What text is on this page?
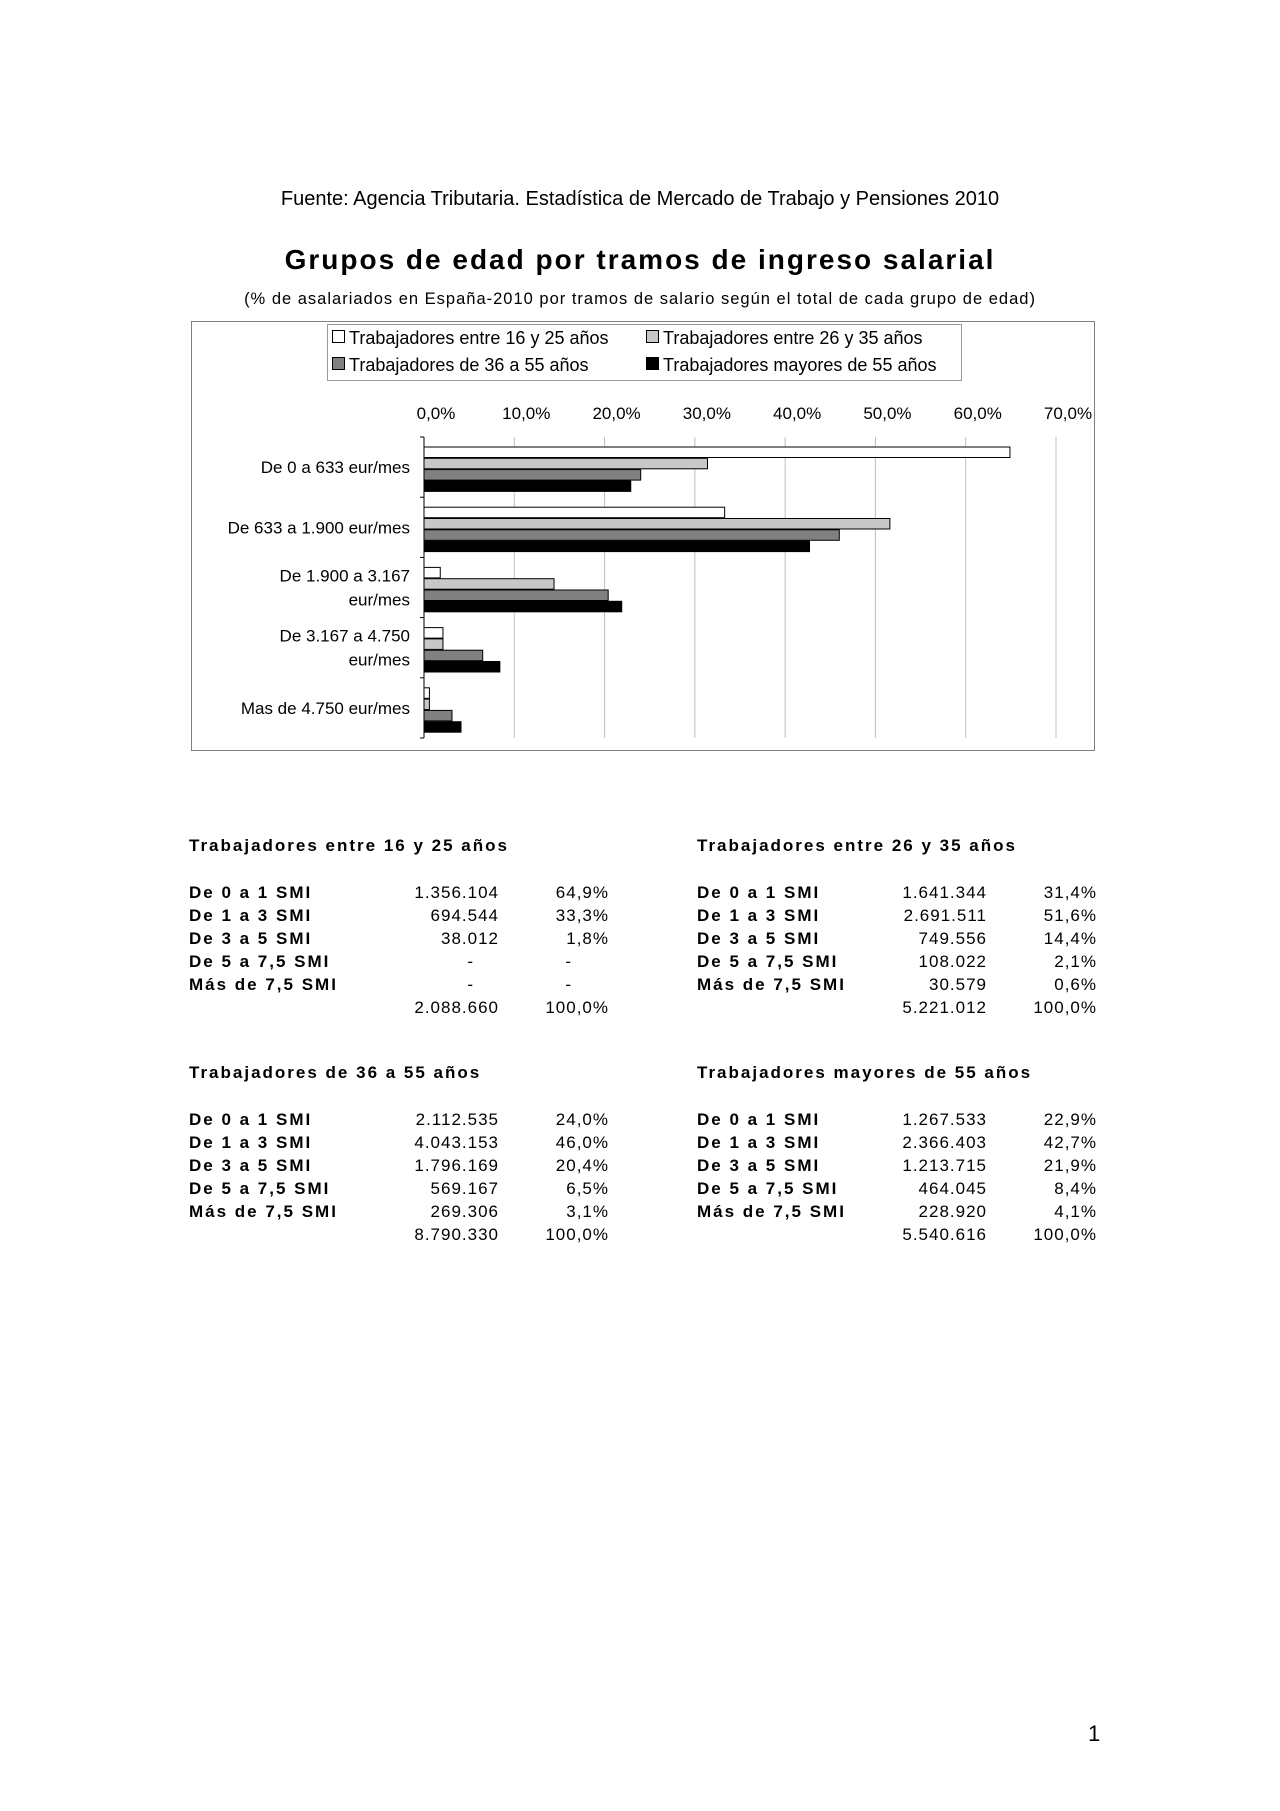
Fuente: Agencia Tributaria. Estadística de Mercado de Trabajo y Pensiones 2010
Grupos de edad por tramos de ingreso salarial
(% de asalariados en España-2010 por tramos de salario según el total de cada grupo de edad)
Trabajadores entre 16 y 25 años	Trabajadores entre 26 y 35 años
Trabajadores de 36 a 55 años	Trabajadores mayores de 55 años
0,0%	10,0% 20,0% 30,0% 40,0% 50,0% 60,0% 70,0%
De 0 a 633 eur/mes
De 633 a 1.900 eur/mes
De 1.900 a 3.167
eur/mes
De 3.167 a 4.750
eur/mes
Mas de 4.750 eur/mes
Trabajadores entre 16 y 25 años
De 0 a 1 SMI	1.356.104	64,9%
De 1 a 3 SMI	694.544	33,3%
De 3 a 5 SMI	38.012	1,8%
De 5 a 7,5 SMI	-	-
Más de 7,5 SMI	-	-
2.088.660	100,0%
Trabajadores entre 26 y 35 años
De 0 a 1 SMI	1.641.344	31,4%
De 1 a 3 SMI	2.691.511	51,6%
De 3 a 5 SMI	749.556	14,4%
De 5 a 7,5 SMI	108.022	2,1%
Más de 7,5 SMI	30.579	0,6%
5.221.012	100,0%
Trabajadores de 36 a 55 años
De 0 a 1 SMI	2.112.535	24,0%
De 1 a 3 SMI	4.043.153	46,0%
De 3 a 5 SMI	1.796.169	20,4%
De 5 a 7,5 SMI	569.167	6,5%
Más de 7,5 SMI	269.306	3,1%
8.790.330	100,0%
Trabajadores mayores de 55 años
De 0 a 1 SMI	1.267.533	22,9%
De 1 a 3 SMI	2.366.403	42,7%
De 3 a 5 SMI	1.213.715	21,9%
De 5 a 7,5 SMI	464.045	8,4%
Más de 7,5 SMI	228.920	4,1%
5.540.616	100,0%
1
